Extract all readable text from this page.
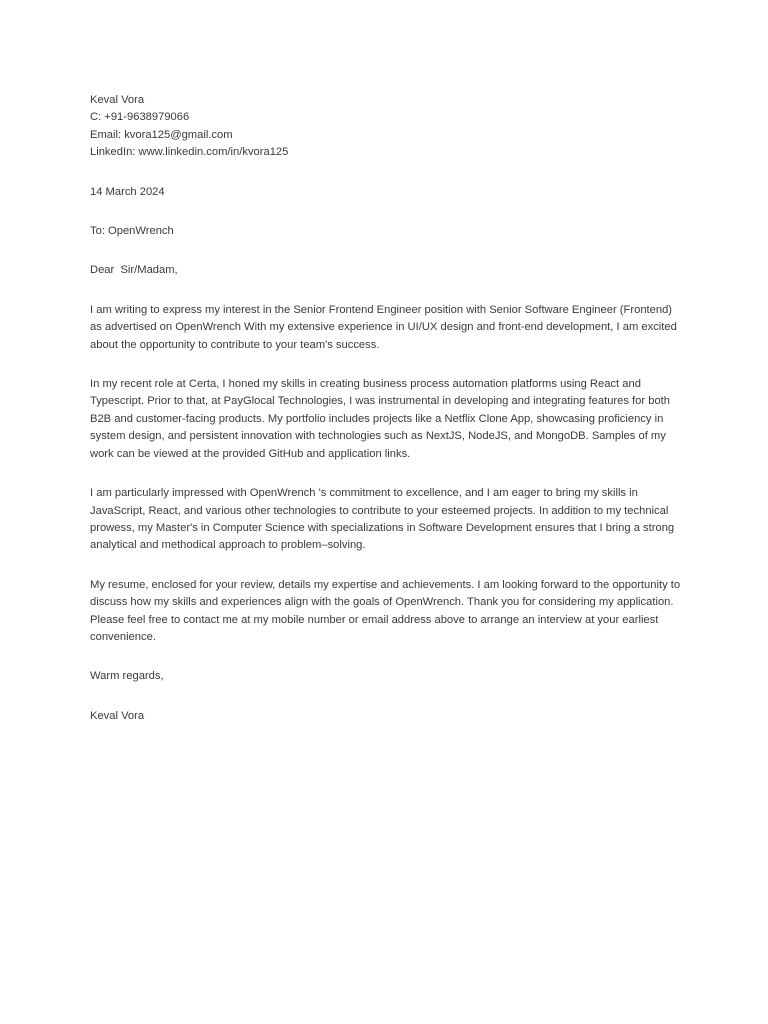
Keval Vora
C: +91-9638979066
Email: kvora125@gmail.com
LinkedIn: www.linkedin.com/in/kvora125
14 March 2024
To: OpenWrench
Dear  Sir/Madam,

I am writing to express my interest in the Senior Frontend Engineer position with Senior Software Engineer (Frontend) as advertised on OpenWrench With my extensive experience in UI/UX design and front-end development, I am excited about the opportunity to contribute to your team's success.

In my recent role at Certa, I honed my skills in creating business process automation platforms using React and Typescript. Prior to that, at PayGlocal Technologies, I was instrumental in developing and integrating features for both B2B and customer-facing products. My portfolio includes projects like a Netflix Clone App, showcasing proficiency in system design, and persistent innovation with technologies such as NextJS, NodeJS, and MongoDB. Samples of my work can be viewed at the provided GitHub and application links.

I am particularly impressed with OpenWrench 's commitment to excellence, and I am eager to bring my skills in JavaScript, React, and various other technologies to contribute to your esteemed projects. In addition to my technical prowess, my Master's in Computer Science with specializations in Software Development ensures that I bring a strong analytical and methodical approach to problem–solving.

My resume, enclosed for your review, details my expertise and achievements. I am looking forward to the opportunity to discuss how my skills and experiences align with the goals of OpenWrench. Thank you for considering my application. Please feel free to contact me at my mobile number or email address above to arrange an interview at your earliest convenience.

Warm regards,
Keval Vora
